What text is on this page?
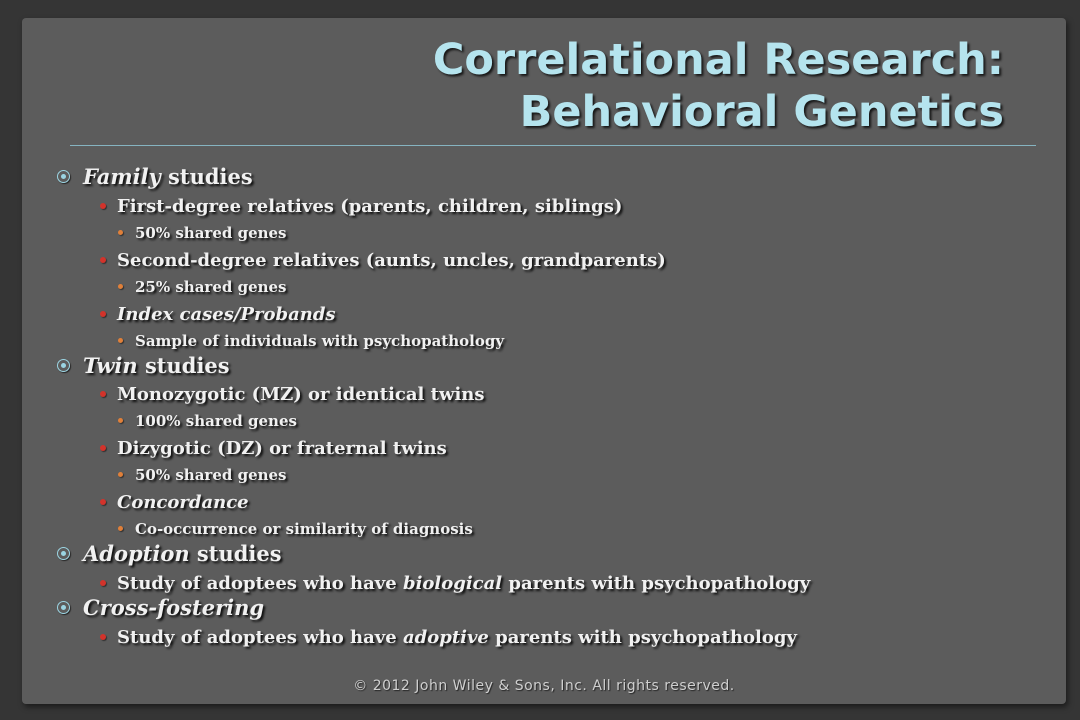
Correlational Research:
Behavioral Genetics
Family studies
First-degree relatives (parents, children, siblings)
50% shared genes
Second-degree relatives (aunts, uncles, grandparents)
25% shared genes
Index cases/Probands
Sample of individuals with psychopathology
Twin studies
Monozygotic (MZ) or identical twins
100% shared genes
Dizygotic (DZ) or fraternal twins
50% shared genes
Concordance
Co-occurrence or similarity of diagnosis
Adoption studies
Study of adoptees who have biological parents with psychopathology
Cross-fostering
Study of adoptees who have adoptive parents with psychopathology
© 2012 John Wiley & Sons, Inc. All rights reserved.
